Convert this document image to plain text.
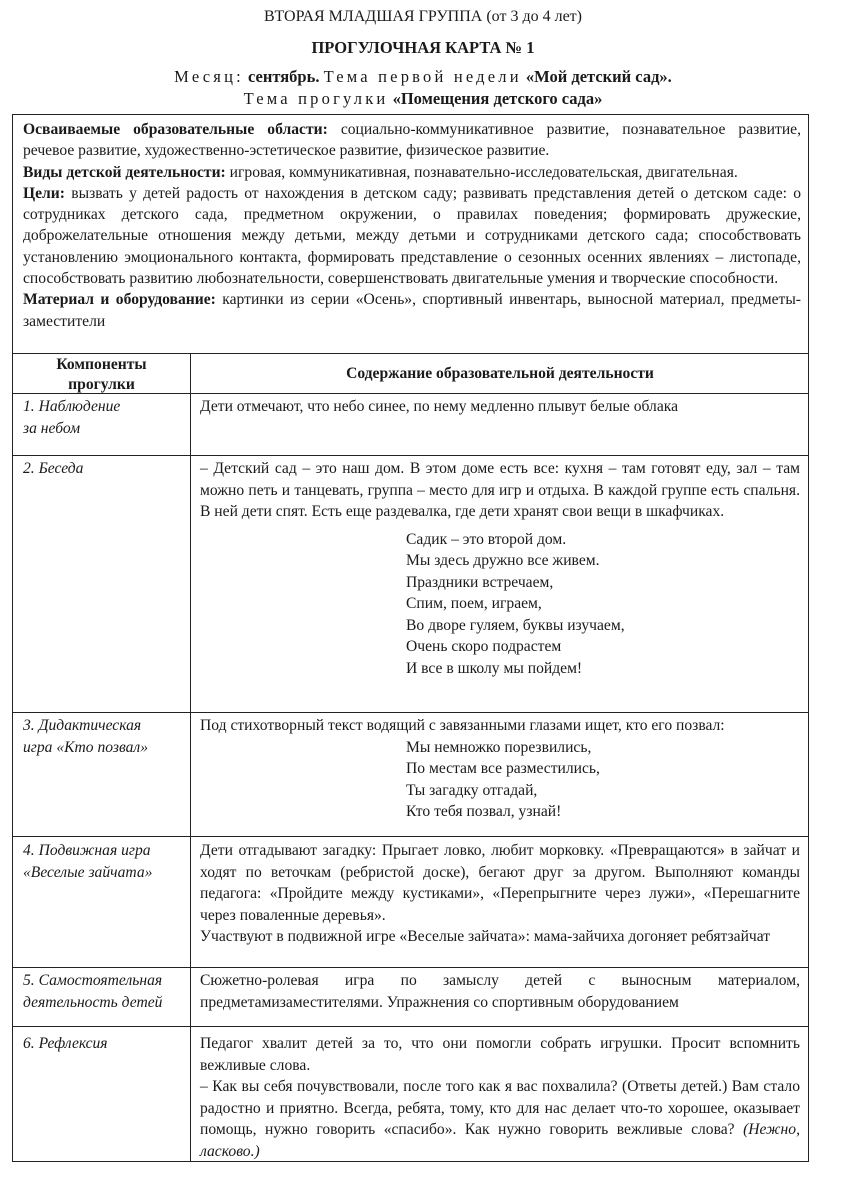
ВТОРАЯ МЛАДШАЯ ГРУППА (от 3 до 4 лет)
ПРОГУЛОЧНАЯ КАРТА № 1
Месяц: сентябрь. Тема первой недели «Мой детский сад».
Тема прогулки «Помещения детского сада»

Осваиваемые образовательные области: социально-коммуникативное развитие, познавательное развитие, речевое развитие, художественно-эстетическое развитие, физическое развитие.

Виды детской деятельности: игровая, коммуникативная, познавательно-исследовательская, двигательная.

Цели: вызвать у детей радость от нахождения в детском саду; развивать представления детей о детском саде: о сотрудниках детского сада, предметном окружении, о правилах поведения; формировать дружеские, доброжелательные отношения между детьми, между детьми и сотрудниками детского сада; способствовать установлению эмоционального контакта, формировать представление о сезонных осенних явлениях – листопаде, способствовать развитию любознательности, совершенствовать двигательные умения и творческие способности.

Материал и оборудование: картинки из серии «Осень», спортивный инвентарь, выносной материал, предметы-заместители

Компоненты
прогулки
Содержание образовательной деятельности
1. Наблюдение
за небом

Дети отмечают, что небо синее, по нему медленно плывут белые облака

2. Беседа	– Детский сад – это наш дом. В этом доме есть все: кухня – там готовят еду, зал – там можно петь и танцевать, группа – место для игр и отдыха. В каждой группе есть спальня. В ней дети спят. Есть еще раздевалка, где дети хранят свои вещи в шкафчиках.

Садик – это второй дом.
Мы здесь дружно все живем.
Праздники встречаем,
Спим, поем, играем,
Во дворе гуляем, буквы изучаем,
Очень скоро подрастем
И все в школу мы пойдем!
3. Дидактическая
игра «Кто позвал»

Под стихотворный текст водящий с завязанными глазами ищет, кто его позвал:

Мы немножко порезвились,
По местам все разместились,
Ты загадку отгадай,
Кто тебя позвал, узнай!
4. Подвижная игра
«Веселые зайчата»

Дети отгадывают загадку: Прыгает ловко, любит морковку. «Превращаются» в зайчат и ходят по веточкам (ребристой доске), бегают друг за другом. Выполняют команды педагога: «Пройдите между кустиками», «Перепрыгните через лужи», «Перешагните через поваленные деревья».

Участвуют в подвижной игре «Веселые зайчата»: мама-зайчиха догоняет ребятзайчат

5. Самостоятельная
деятельность детей

Сюжетно-ролевая игра по замыслу детей с выносным материалом, предметамизаместителями. Упражнения со спортивным оборудованием

6. Рефлексия	Педагог хвалит детей за то, что они помогли собрать игрушки. Просит вспомнить вежливые слова.

– Как вы себя почувствовали, после того как я вас похвалила? (Ответы детей.) Вам стало радостно и приятно. Всегда, ребята, тому, кто для нас делает что-то хорошее, оказывает помощь, нужно говорить «спасибо». Как нужно говорить вежливые слова? (Нежно, ласково.)
